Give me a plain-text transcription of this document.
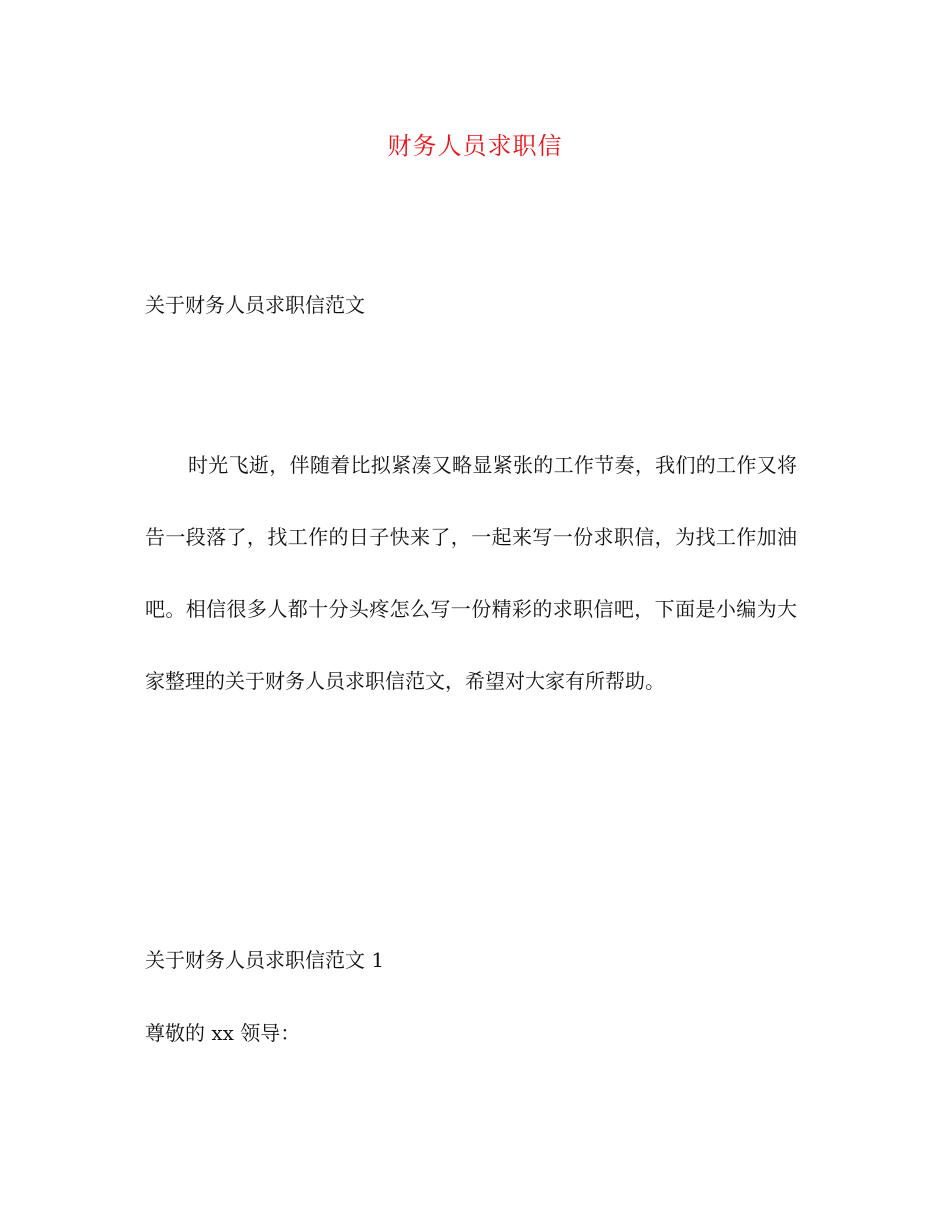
财务人员求职信
关于财务人员求职信范文

时光飞逝，伴随着比拟紧凑又略显紧张的工作节奏，我们的工作又将告一段落了，找工作的日子快来了，一起来写一份求职信，为找工作加油吧。相信很多人都十分头疼怎么写一份精彩的求职信吧，下面是小编为大家整理的关于财务人员求职信范文，希望对大家有所帮助。

关于财务人员求职信范文 1
尊敬的 xx 领导：
